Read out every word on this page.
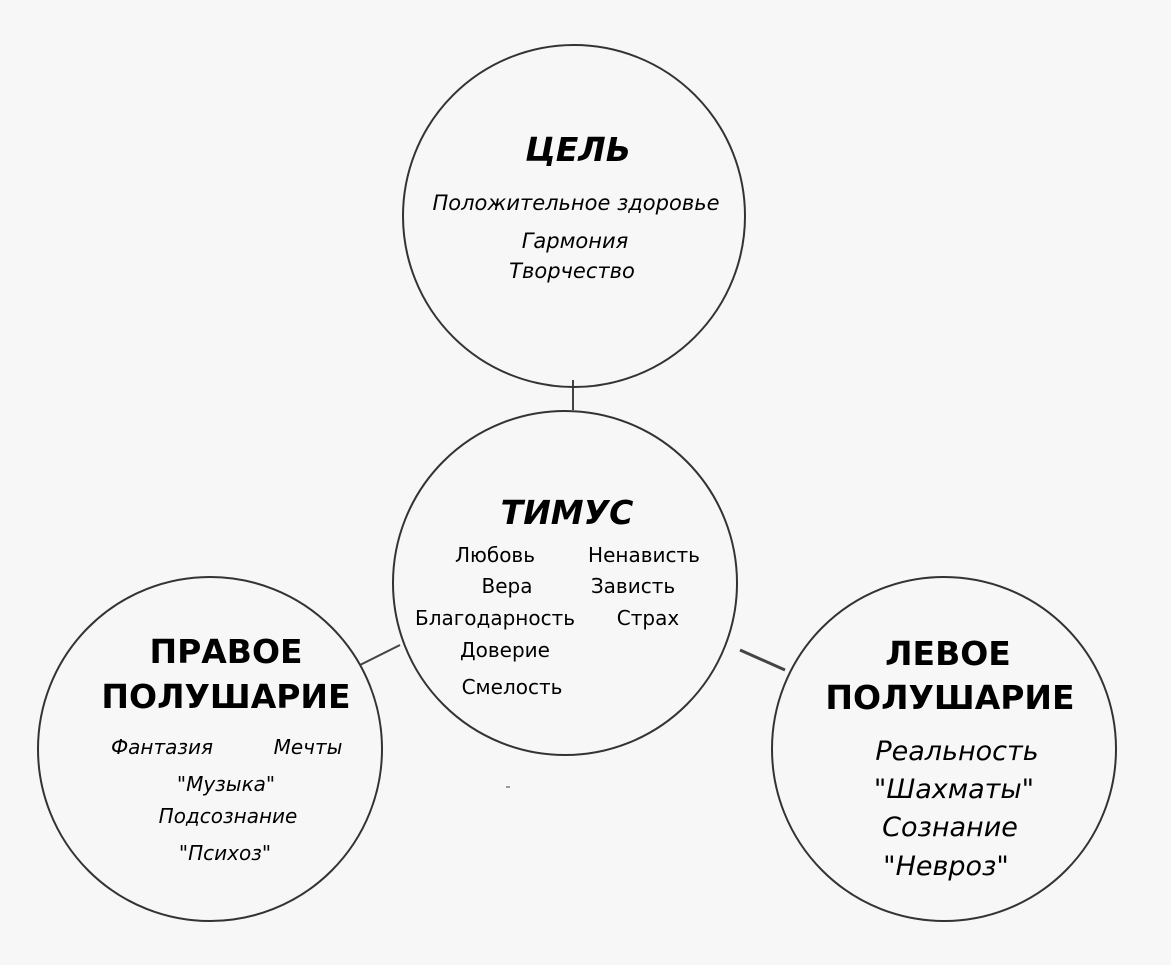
ЦЕЛЬ
Положительное здоровье
Гармония
Творчество
ТИМУС
Любовь
Вера
Благодарность
Доверие
Смелость
Ненависть
Зависть
Страх
ПРАВОЕ
ПОЛУШАРИЕ
Фантазия	Мечты
"Музыка"
Подсознание
"Психоз"
ЛЕВОЕ
ПОЛУШАРИЕ
Реальность
"Шахматы"
Сознание
"Невроз"
